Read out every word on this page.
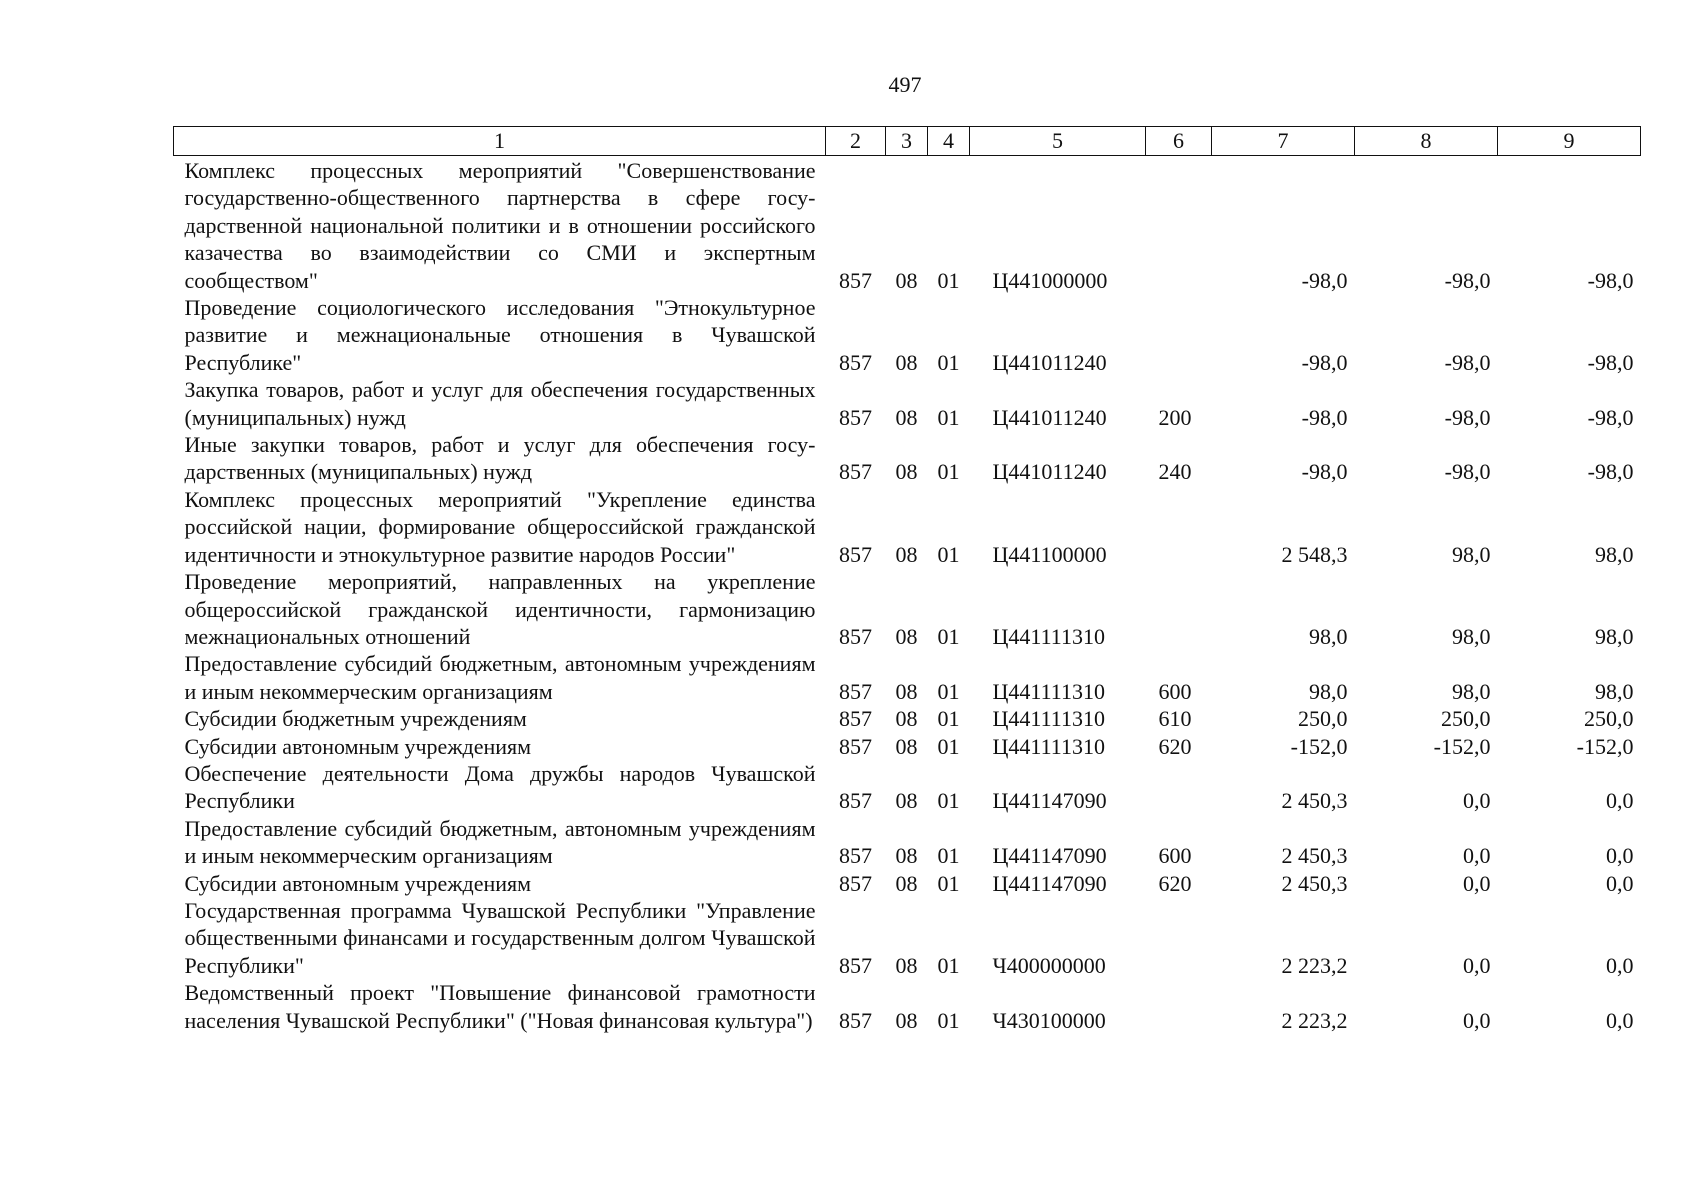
497
1	2	3	4	5	6	7	8	9
Комплекс процессных мероприятий "Совершенствование государственно-общественного партнерства в сфере государственной национальной политики и в отношении российского казачества во взаимодействии со СМИ и экспертным сообществом"	857	08	01	Ц441000000		-98,0	-98,0	-98,0
Проведение социологического исследования "Этнокультурное развитие и межнациональные отношения в Чувашской Республике"	857	08	01	Ц441011240		-98,0	-98,0	-98,0
Закупка товаров, работ и услуг для обеспечения государственных (муниципальных) нужд	857	08	01	Ц441011240	200	-98,0	-98,0	-98,0
Иные закупки товаров, работ и услуг для обеспечения государственных (муниципальных) нужд	857	08	01	Ц441011240	240	-98,0	-98,0	-98,0
Комплекс процессных мероприятий "Укрепление единства российской нации, формирование общероссийской гражданской идентичности и этнокультурное развитие народов России"	857	08	01	Ц441100000		2 548,3	98,0	98,0
Проведение мероприятий, направленных на укрепление общероссийской гражданской идентичности, гармонизацию межнациональных отношений	857	08	01	Ц441111310		98,0	98,0	98,0
Предоставление субсидий бюджетным, автономным учреждениям и иным некоммерческим организациям	857	08	01	Ц441111310	600	98,0	98,0	98,0
Субсидии бюджетным учреждениям	857	08	01	Ц441111310	610	250,0	250,0	250,0
Субсидии автономным учреждениям	857	08	01	Ц441111310	620	-152,0	-152,0	-152,0
Обеспечение деятельности Дома дружбы народов Чувашской Республики	857	08	01	Ц441147090		2 450,3	0,0	0,0
Предоставление субсидий бюджетным, автономным учреждениям и иным некоммерческим организациям	857	08	01	Ц441147090	600	2 450,3	0,0	0,0
Субсидии автономным учреждениям	857	08	01	Ц441147090	620	2 450,3	0,0	0,0
Государственная программа Чувашской Республики "Управление общественными финансами и государственным долгом Чувашской Республики"	857	08	01	Ч400000000		2 223,2	0,0	0,0
Ведомственный проект "Повышение финансовой грамотности населения Чувашской Республики" ("Новая финансовая культура")	857	08	01	Ч430100000		2 223,2	0,0	0,0
